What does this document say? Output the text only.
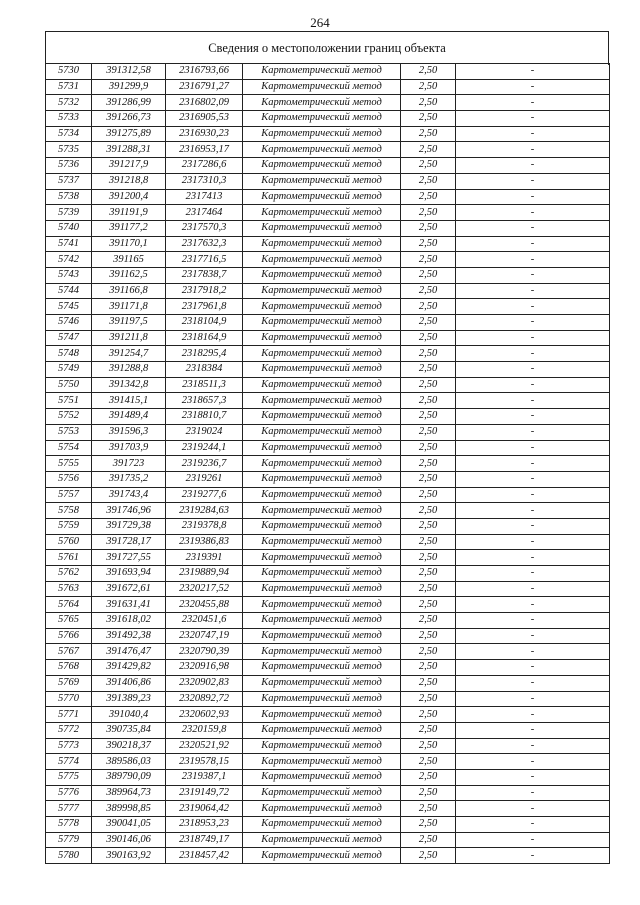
264
Сведения о местоположении границ объекта
5730	391312,58	2316793,66	Картометрический метод	2,50	-
5731	391299,9	2316791,27	Картометрический метод	2,50	-
5732	391286,99	2316802,09	Картометрический метод	2,50	-
5733	391266,73	2316905,53	Картометрический метод	2,50	-
5734	391275,89	2316930,23	Картометрический метод	2,50	-
5735	391288,31	2316953,17	Картометрический метод	2,50	-
5736	391217,9	2317286,6	Картометрический метод	2,50	-
5737	391218,8	2317310,3	Картометрический метод	2,50	-
5738	391200,4	2317413	Картометрический метод	2,50	-
5739	391191,9	2317464	Картометрический метод	2,50	-
5740	391177,2	2317570,3	Картометрический метод	2,50	-
5741	391170,1	2317632,3	Картометрический метод	2,50	-
5742	391165	2317716,5	Картометрический метод	2,50	-
5743	391162,5	2317838,7	Картометрический метод	2,50	-
5744	391166,8	2317918,2	Картометрический метод	2,50	-
5745	391171,8	2317961,8	Картометрический метод	2,50	-
5746	391197,5	2318104,9	Картометрический метод	2,50	-
5747	391211,8	2318164,9	Картометрический метод	2,50	-
5748	391254,7	2318295,4	Картометрический метод	2,50	-
5749	391288,8	2318384	Картометрический метод	2,50	-
5750	391342,8	2318511,3	Картометрический метод	2,50	-
5751	391415,1	2318657,3	Картометрический метод	2,50	-
5752	391489,4	2318810,7	Картометрический метод	2,50	-
5753	391596,3	2319024	Картометрический метод	2,50	-
5754	391703,9	2319244,1	Картометрический метод	2,50	-
5755	391723	2319236,7	Картометрический метод	2,50	-
5756	391735,2	2319261	Картометрический метод	2,50	-
5757	391743,4	2319277,6	Картометрический метод	2,50	-
5758	391746,96	2319284,63	Картометрический метод	2,50	-
5759	391729,38	2319378,8	Картометрический метод	2,50	-
5760	391728,17	2319386,83	Картометрический метод	2,50	-
5761	391727,55	2319391	Картометрический метод	2,50	-
5762	391693,94	2319889,94	Картометрический метод	2,50	-
5763	391672,61	2320217,52	Картометрический метод	2,50	-
5764	391631,41	2320455,88	Картометрический метод	2,50	-
5765	391618,02	2320451,6	Картометрический метод	2,50	-
5766	391492,38	2320747,19	Картометрический метод	2,50	-
5767	391476,47	2320790,39	Картометрический метод	2,50	-
5768	391429,82	2320916,98	Картометрический метод	2,50	-
5769	391406,86	2320902,83	Картометрический метод	2,50	-
5770	391389,23	2320892,72	Картометрический метод	2,50	-
5771	391040,4	2320602,93	Картометрический метод	2,50	-
5772	390735,84	2320159,8	Картометрический метод	2,50	-
5773	390218,37	2320521,92	Картометрический метод	2,50	-
5774	389586,03	2319578,15	Картометрический метод	2,50	-
5775	389790,09	2319387,1	Картометрический метод	2,50	-
5776	389964,73	2319149,72	Картометрический метод	2,50	-
5777	389998,85	2319064,42	Картометрический метод	2,50	-
5778	390041,05	2318953,23	Картометрический метод	2,50	-
5779	390146,06	2318749,17	Картометрический метод	2,50	-
5780	390163,92	2318457,42	Картометрический метод	2,50	-
